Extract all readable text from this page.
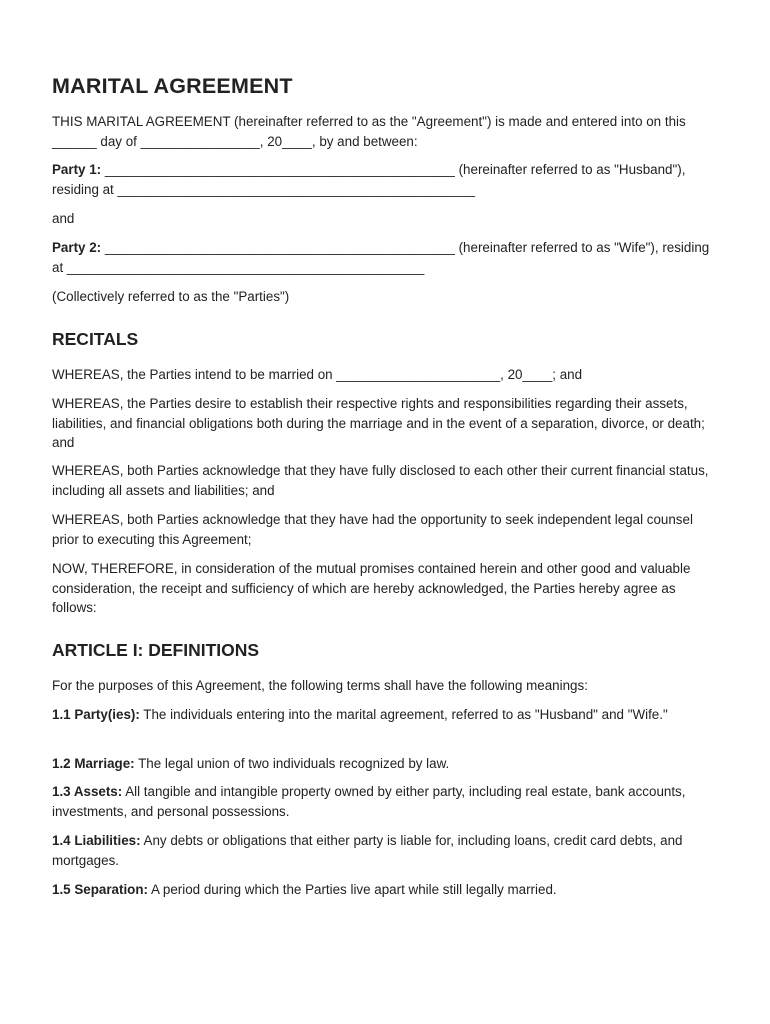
MARITAL AGREEMENT

THIS MARITAL AGREEMENT (hereinafter referred to as the "Agreement") is made and entered into on this ______ day of ________________, 20____, by and between:

Party 1: _______________________________________________ (hereinafter referred to as "Husband"), residing at ________________________________________________

and

Party 2: _______________________________________________ (hereinafter referred to as "Wife"), residing at ________________________________________________

(Collectively referred to as the "Parties")

RECITALS

WHEREAS, the Parties intend to be married on ______________________, 20____; and

WHEREAS, the Parties desire to establish their respective rights and responsibilities regarding their assets, liabilities, and financial obligations both during the marriage and in the event of a separation, divorce, or death; and

WHEREAS, both Parties acknowledge that they have fully disclosed to each other their current financial status, including all assets and liabilities; and

WHEREAS, both Parties acknowledge that they have had the opportunity to seek independent legal counsel prior to executing this Agreement;

NOW, THEREFORE, in consideration of the mutual promises contained herein and other good and valuable consideration, the receipt and sufficiency of which are hereby acknowledged, the Parties hereby agree as follows:

ARTICLE I: DEFINITIONS

For the purposes of this Agreement, the following terms shall have the following meanings:

1.1 Party(ies): The individuals entering into the marital agreement, referred to as "Husband" and "Wife."

1.2 Marriage: The legal union of two individuals recognized by law.

1.3 Assets: All tangible and intangible property owned by either party, including real estate, bank accounts, investments, and personal possessions.

1.4 Liabilities: Any debts or obligations that either party is liable for, including loans, credit card debts, and mortgages.

1.5 Separation: A period during which the Parties live apart while still legally married.
